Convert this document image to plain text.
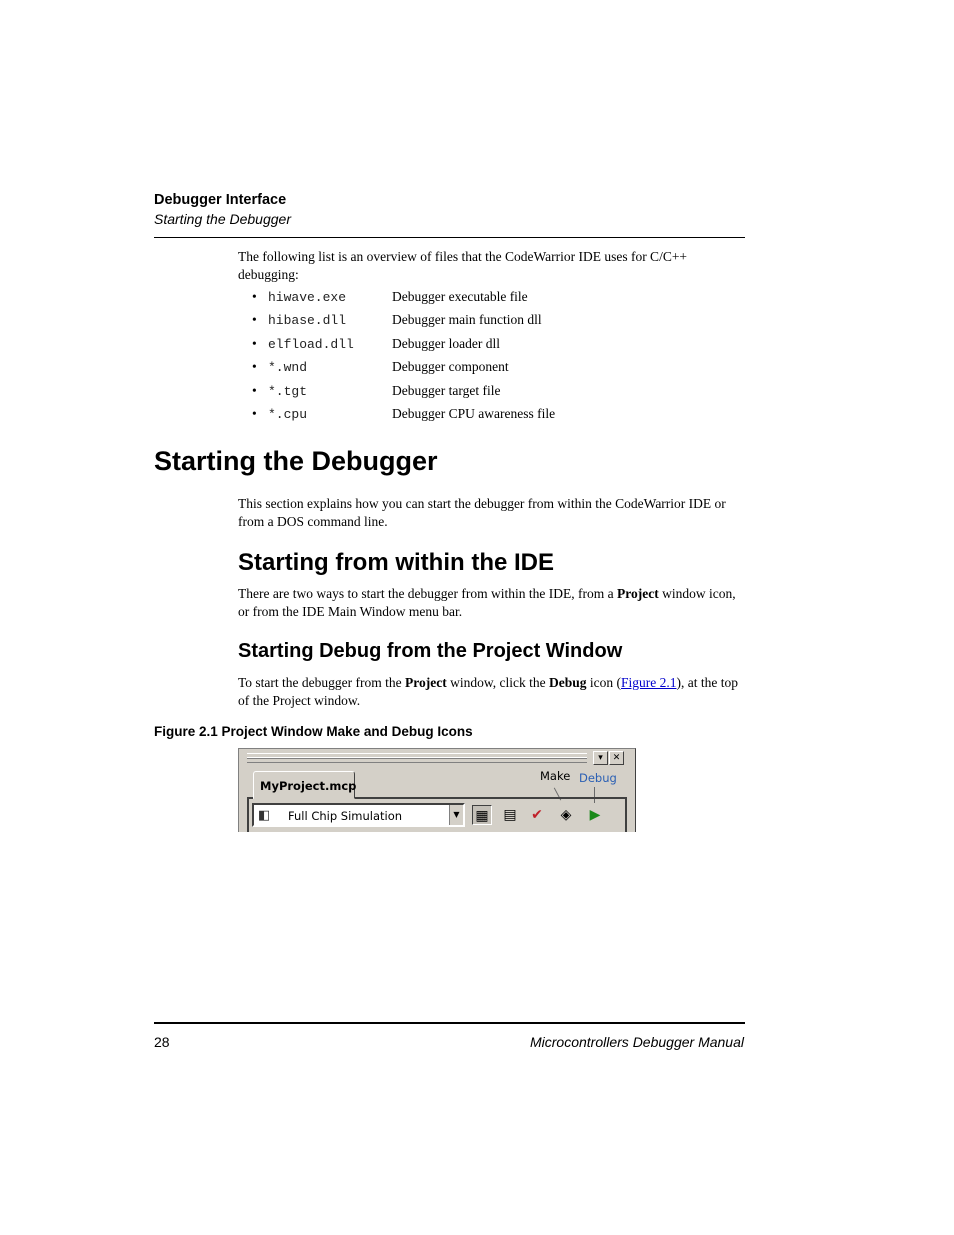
Debugger Interface
Starting the Debugger
The following list is an overview of files that the CodeWarrior IDE uses for C/C++ debugging:
• hiwave.exe	Debugger executable file
• hibase.dll	Debugger main function dll
• elfload.dll	Debugger loader dll
• *.wnd	Debugger component
• *.tgt	Debugger target file
• *.cpu	Debugger CPU awareness file
Starting the Debugger
This section explains how you can start the debugger from within the CodeWarrior IDE or from a DOS command line.
Starting from within the IDE
There are two ways to start the debugger from within the IDE, from a Project window icon, or from the IDE Main Window menu bar.
Starting Debug from the Project Window
To start the debugger from the Project window, click the Debug icon (Figure 2.1), at the top of the Project window.
Figure 2.1 Project Window Make and Debug Icons
▾	✕
MyProject.mcp
Make Debug
◧ Full Chip Simulation	▼ ▦ ▤ ✔	◈	▶
28	Microcontrollers Debugger Manual
